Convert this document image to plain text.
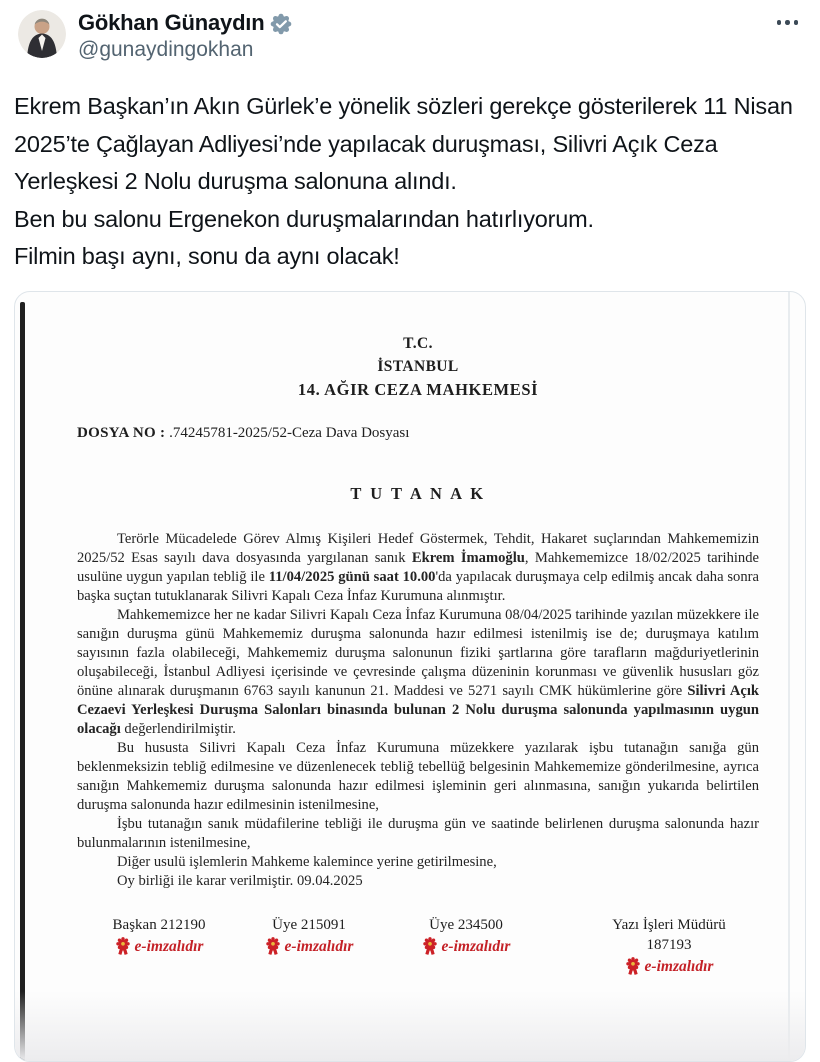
Gökhan Günaydın
@gunaydingokhan

Ekrem Başkan’ın Akın Gürlek’e yönelik sözleri gerekçe gösterilerek 11 Nisan 2025’te Çağlayan Adliyesi’nde yapılacak duruşması, Silivri Açık Ceza Yerleşkesi 2 Nolu duruşma salonuna alındı.

Ben bu salonu Ergenekon duruşmalarından hatırlıyorum.

Filmin başı aynı, sonu da aynı olacak!

T.C.
İSTANBUL
14. AĞIR CEZA MAHKEMESİ
DOSYA NO : .74245781-2025/52-Ceza Dava Dosyası
T U T A N A K

Terörle Mücadelede Görev Almış Kişileri Hedef Göstermek, Tehdit, Hakaret suçlarından Mahkememizin 2025/52 Esas sayılı dava dosyasında yargılanan sanık Ekrem İmamoğlu, Mahkememizce 18/02/2025 tarihinde usulüne uygun yapılan tebliğ ile 11/04/2025 günü saat 10.00'da yapılacak duruşmaya celp edilmiş ancak daha sonra başka suçtan tutuklanarak Silivri Kapalı Ceza İnfaz Kurumuna alınmıştır.

Mahkememizce her ne kadar Silivri Kapalı Ceza İnfaz Kurumuna 08/04/2025 tarihinde yazılan müzekkere ile sanığın duruşma günü Mahkememiz duruşma salonunda hazır edilmesi istenilmiş ise de; duruşmaya katılım sayısının fazla olabileceği, Mahkememiz duruşma salonunun fiziki şartlarına göre tarafların mağduriyetlerinin oluşabileceği, İstanbul Adliyesi içerisinde ve çevresinde çalışma düzeninin korunması ve güvenlik hususları göz önüne alınarak duruşmanın 6763 sayılı kanunun 21. Maddesi ve 5271 sayılı CMK hükümlerine göre Silivri Açık Cezaevi Yerleşkesi Duruşma Salonları binasında bulunan 2 Nolu duruşma salonunda yapılmasının uygun olacağı değerlendirilmiştir.

Bu hususta Silivri Kapalı Ceza İnfaz Kurumuna müzekkere yazılarak işbu tutanağın sanığa gün beklenmeksizin tebliğ edilmesine ve düzenlenecek tebliğ tebellüğ belgesinin Mahkememize gönderilmesine, ayrıca sanığın Mahkememiz duruşma salonunda hazır edilmesi işleminin geri alınmasına, sanığın yukarıda belirtilen duruşma salonunda hazır edilmesinin istenilmesine,

İşbu tutanağın sanık müdafilerine tebliği ile duruşma gün ve saatinde belirlenen duruşma salonunda hazır bulunmalarının istenilmesine,

Diğer usulü işlemlerin Mahkeme kalemince yerine getirilmesine,

Oy birliği ile karar verilmiştir. 09.04.2025

Başkan 212190
e-imzalıdır
Üye 215091
e-imzalıdır
Üye 234500
e-imzalıdır
Yazı İşleri Müdürü
187193
e-imzalıdır
